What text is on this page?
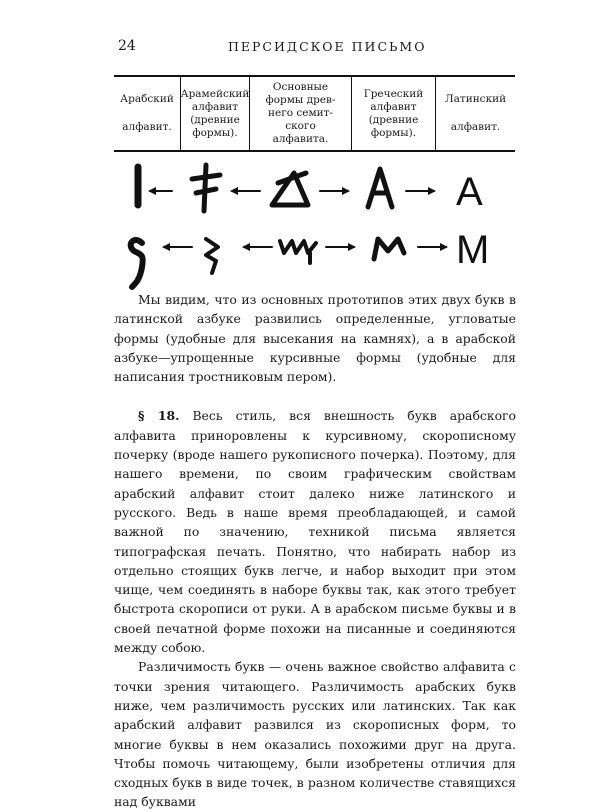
24	ПЕРСИДСКОЕ ПИСЬМО
Арабский
алфавит.
Арамейский
алфавит
(древние
формы).
Основные
формы древ-
него семит-
ского
алфавита.
Греческий
алфавит
(древние
формы).
Латинский
алфавит.
A
M

Мы видим, что из основных прототипов этих двух букв в латинской азбуке развились определенные, угловатые формы (удобные для высекания на камнях), а в арабской азбуке—упрощенные курсивные формы (удобные для написания тростниковым пером).

§ 18. Весь стиль, вся внешность букв арабского алфавита приноровлены к курсивному, скорописному почерку (вроде нашего рукописного почерка). Поэтому, для нашего времени, по своим графическим свойствам арабский алфавит стоит далеко ниже латинского и русского. Ведь в наше время преобладающей, и самой важной по значению, техникой письма является типографская печать. Понятно, что набирать набор из отдельно стоящих букв легче, и набор выходит при этом чище, чем соединять в наборе буквы так, как этого требует быстрота скорописи от руки. А в арабском письме буквы и в своей печатной форме похожи на писанные и соединяются между собою.

Различимость букв — очень важное свойство алфавита с точки зрения читающего. Различимость арабских букв ниже, чем различимость русских или латинских. Так как арабский алфавит развился из скорописных форм, то многие буквы в нем оказались похожими друг на друга. Чтобы помочь читающему, были изобретены отличия для сходных букв в виде точек, в разном количестве ставящихся над буквами
